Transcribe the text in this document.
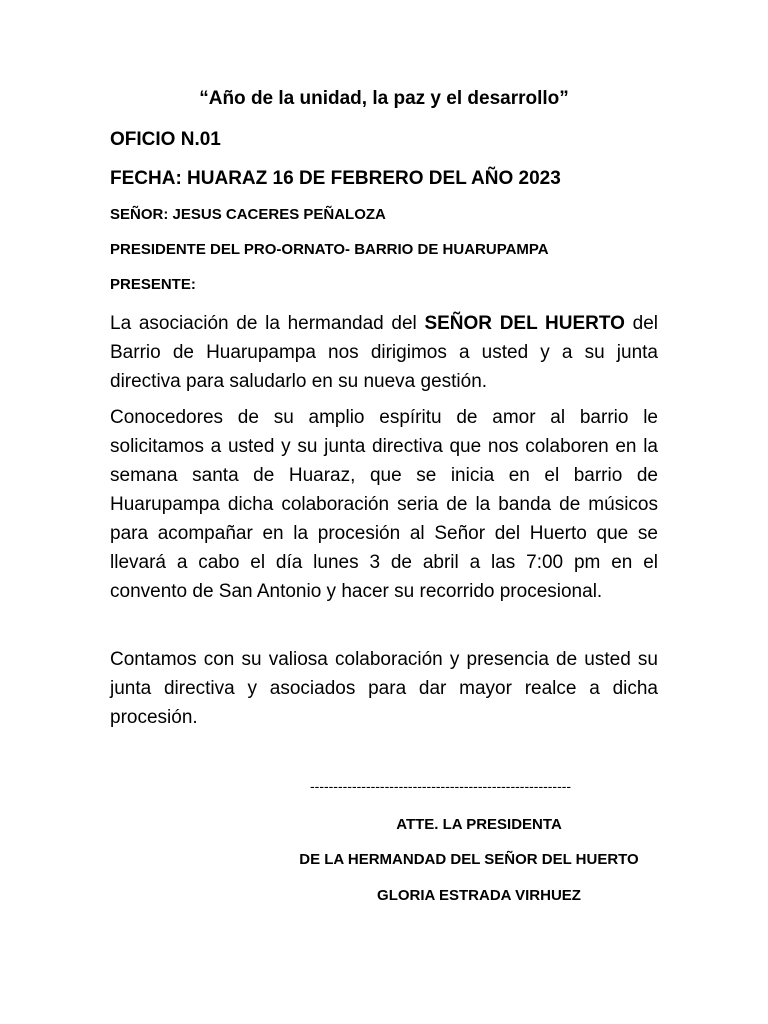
“Año de la unidad, la paz y el desarrollo”
OFICIO N.01
FECHA: HUARAZ 16 DE FEBRERO DEL AÑO 2023
SEÑOR: JESUS CACERES PEÑALOZA
PRESIDENTE DEL PRO-ORNATO- BARRIO DE HUARUPAMPA
PRESENTE:
La asociación de la hermandad del SEÑOR DEL HUERTO del Barrio de Huarupampa nos dirigimos a usted y a su junta directiva para saludarlo en su nueva gestión.
Conocedores de su amplio espíritu de amor al barrio le solicitamos a usted y su junta directiva que nos colaboren en la semana santa de Huaraz, que se inicia en el barrio de Huarupampa dicha colaboración seria de la banda de músicos para acompañar en la procesión al Señor del Huerto que se llevará a cabo el día lunes 3 de abril a las 7:00 pm en el convento de San Antonio y hacer su recorrido procesional.
Contamos con su valiosa colaboración y presencia de usted su junta directiva y asociados para dar mayor realce a dicha procesión.
--------------------------------------------------------
ATTE. LA PRESIDENTA
DE LA HERMANDAD DEL SEÑOR DEL HUERTO
GLORIA ESTRADA VIRHUEZ
